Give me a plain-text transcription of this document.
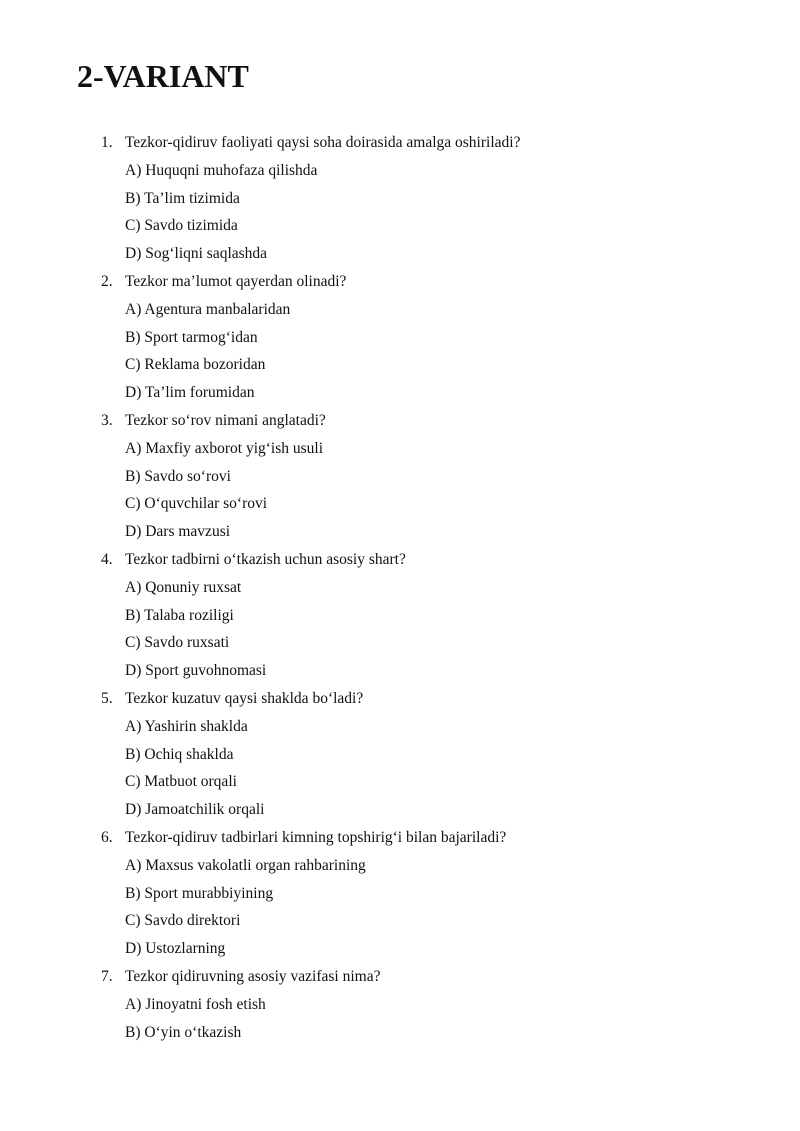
2-VARIANT
1. Tezkor-qidiruv faoliyati qaysi soha doirasida amalga oshiriladi?
A) Huquqni muhofaza qilishda
B) Ta’lim tizimida
C) Savdo tizimida
D) Sog‘liqni saqlashda
2. Tezkor ma’lumot qayerdan olinadi?
A) Agentura manbalaridan
B) Sport tarmog‘idan
C) Reklama bozoridan
D) Ta’lim forumidan
3. Tezkor so‘rov nimani anglatadi?
A) Maxfiy axborot yig‘ish usuli
B) Savdo so‘rovi
C) O‘quvchilar so‘rovi
D) Dars mavzusi
4. Tezkor tadbirni o‘tkazish uchun asosiy shart?
A) Qonuniy ruxsat
B) Talaba roziligi
C) Savdo ruxsati
D) Sport guvohnomasi
5. Tezkor kuzatuv qaysi shaklda bo‘ladi?
A) Yashirin shaklda
B) Ochiq shaklda
C) Matbuot orqali
D) Jamoatchilik orqali
6. Tezkor-qidiruv tadbirlari kimning topshirig‘i bilan bajariladi?
A) Maxsus vakolatli organ rahbarining
B) Sport murabbiyining
C) Savdo direktori
D) Ustozlarning
7. Tezkor qidiruvning asosiy vazifasi nima?
A) Jinoyatni fosh etish
B) O‘yin o‘tkazish
